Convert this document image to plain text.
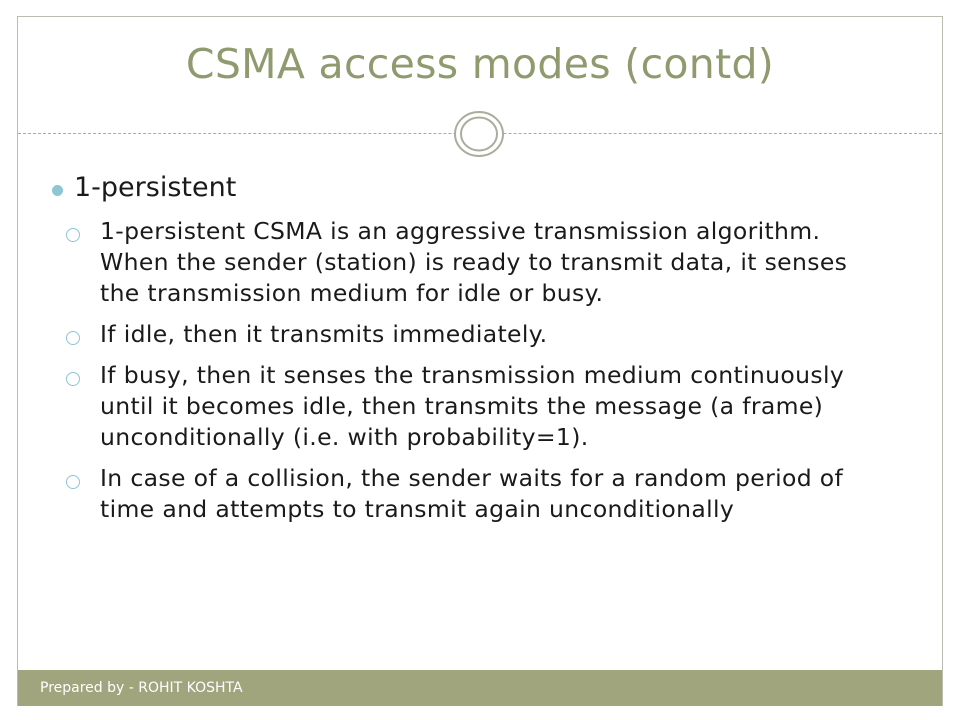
CSMA access modes (contd)
1-persistent
1-persistent CSMA is an aggressive transmission algorithm. When the sender (station) is ready to transmit data, it senses the transmission medium for idle or busy.
If idle, then it transmits immediately.
If busy, then it senses the transmission medium continuously until it becomes idle, then transmits the message (a frame) unconditionally (i.e. with probability=1).
In case of a collision, the sender waits for a random period of time and attempts to transmit again unconditionally
Prepared by - ROHIT KOSHTA
